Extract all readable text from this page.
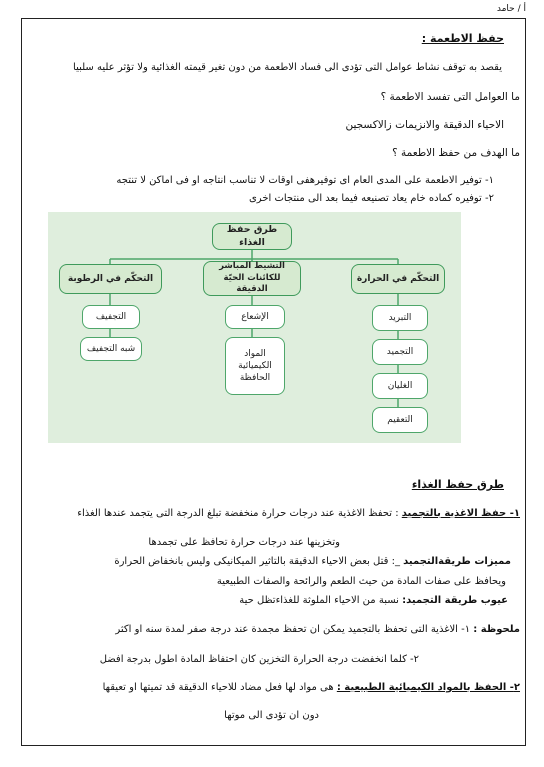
أ / حامد
حفظ الاطعمة :
يقصد به توقف نشاط عوامل التى تؤدى الى فساد الاطعمة من دون تغير قيمته الغذائية ولا تؤثر عليه سلبيا
ما العوامل التى تفسد الاطعمة ؟
الاحياء الدقيقة والانزيمات زالاكسجين
ما الهدف من حفظ الاطعمة ؟
١- توفير الاطعمة على المدى العام اى توفيرهفى اوقات لا تناسب انتاجه او فى اماكن لا تنتجه
٢- توفيره كماده خام يعاد تصنيعه فيما بعد الى منتجات اخرى
طرق حفظ الغذاء
التحكّم في الحرارة
التشيط المباشر للكائنات الحيّة الدقيقة
التحكّم في الرطوبة
التبريد
التجميد
الغليان
التعقيم
الإشعاع
المواد الكيميائية الحافظة
التجفيف
شبه التجفيف
طرق حفظ الغذاء
١- حفظ الاغذية بالتجميد : تحفظ الاغذية عند درجات حرارة منخفضة تبلغ الدرجة التى يتجمد عندها الغذاء
وتخزينها عند درجات حرارة تحافظ على تجمدها
مميزات طريقةالتجميد _: قتل بعض الاحياء الدقيقة بالتاثير الميكانيكى وليس بانخفاض الحرارة
ويحافظ على صفات المادة من حيث الطعم والرائحة والصفات الطبيعية
عيوب طريقة التجميد: نسبة من الاحياء الملوثة للغذاءتظل حية
ملحوظة : ١- الاغذية التى تحفظ بالتجميد يمكن ان تحفظ مجمدة عند درجة صفر لمدة سنه او اكثر
٢- كلما انخفضت درجة الحرارة التخزين كان احتفاظ المادة اطول بدرجة افضل
٢- الحفظ بالمواد الكيميائية الطبيعية : هى مواد لها فعل مضاد للاحياء الدقيقة قد تميتها او تعيقها
دون ان تؤدى الى موتها
